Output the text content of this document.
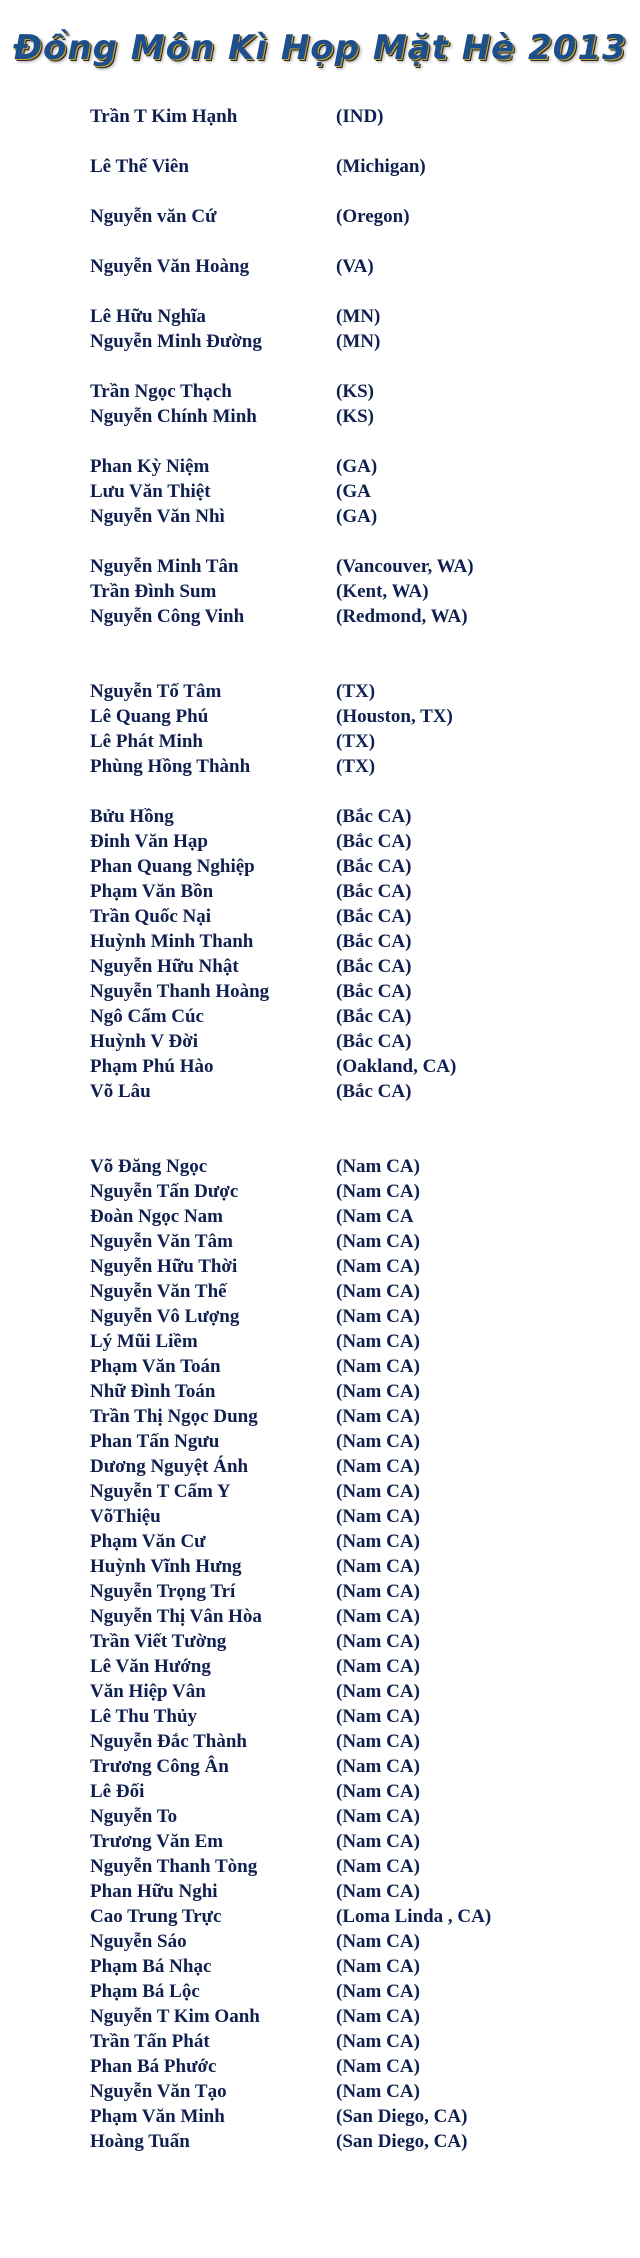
Đồng Môn Kì Họp Mặt Hè 2013
Trần T Kim Hạnh	(IND)
Lê Thế Viên	(Michigan)
Nguyễn văn Cứ	(Oregon)
Nguyễn Văn Hoàng	(VA)
Lê Hữu Nghĩa	(MN)
Nguyễn Minh Đường	(MN)
Trần Ngọc Thạch	(KS)
Nguyễn Chính Minh	(KS)
Phan Kỳ Niệm	(GA)
Lưu Văn Thiệt	(GA
Nguyễn Văn Nhì	(GA)
Nguyễn Minh Tân	(Vancouver, WA)
Trần Đình Sum	(Kent, WA)
Nguyễn Công Vinh	(Redmond, WA)
Nguyễn Tố Tâm	(TX)
Lê Quang Phú	(Houston, TX)
Lê Phát Minh	(TX)
Phùng Hồng Thành	(TX)
Bửu Hồng	(Bắc CA)
Đinh Văn Hạp	(Bắc CA)
Phan Quang Nghiệp	(Bắc CA)
Phạm Văn Bồn	(Bắc CA)
Trần Quốc Nại	(Bắc CA)
Huỳnh Minh Thanh	(Bắc CA)
Nguyễn Hữu Nhật	(Bắc CA)
Nguyễn Thanh Hoàng	(Bắc CA)
Ngô Cẩm Cúc	(Bắc CA)
Huỳnh V Đời	(Bắc CA)
Phạm Phú Hào	(Oakland, CA)
Võ Lâu	(Bắc CA)
Võ Đăng Ngọc	(Nam CA)
Nguyễn Tấn Dược	(Nam CA)
Đoàn Ngọc Nam	(Nam CA
Nguyễn Văn Tâm	(Nam CA)
Nguyễn Hữu Thời	(Nam CA)
Nguyễn Văn Thế	(Nam CA)
Nguyễn Vô Lượng	(Nam CA)
Lý Mũi Liềm	(Nam CA)
Phạm Văn Toán	(Nam CA)
Nhữ Đình Toán	(Nam CA)
Trần Thị Ngọc Dung	(Nam CA)
Phan Tấn Ngưu	(Nam CA)
Dương Nguyệt Ánh	(Nam CA)
Nguyễn T Cẩm Y	(Nam CA)
VõThiệu	(Nam CA)
Phạm Văn Cư	(Nam CA)
Huỳnh Vĩnh Hưng	(Nam CA)
Nguyễn Trọng Trí	(Nam CA)
Nguyễn Thị Vân Hòa	(Nam CA)
Trần Viết Tường	(Nam CA)
Lê Văn Hướng	(Nam CA)
Văn Hiệp Vân	(Nam CA)
Lê Thu Thủy	(Nam CA)
Nguyễn Đắc Thành	(Nam CA)
Trương Công Ân	(Nam CA)
Lê Đối	(Nam CA)
Nguyễn To	(Nam CA)
Trương Văn Em	(Nam CA)
Nguyễn Thanh Tòng	(Nam CA)
Phan Hữu Nghi	(Nam CA)
Cao Trung Trực	(Loma Linda , CA)
Nguyễn Sáo	(Nam CA)
Phạm Bá Nhạc	(Nam CA)
Phạm Bá Lộc	(Nam CA)
Nguyễn T Kim Oanh	(Nam CA)
Trần Tấn Phát	(Nam CA)
Phan Bá Phước	(Nam CA)
Nguyễn Văn Tạo	(Nam CA)
Phạm Văn Minh	(San Diego, CA)
Hoàng Tuấn	(San Diego, CA)
